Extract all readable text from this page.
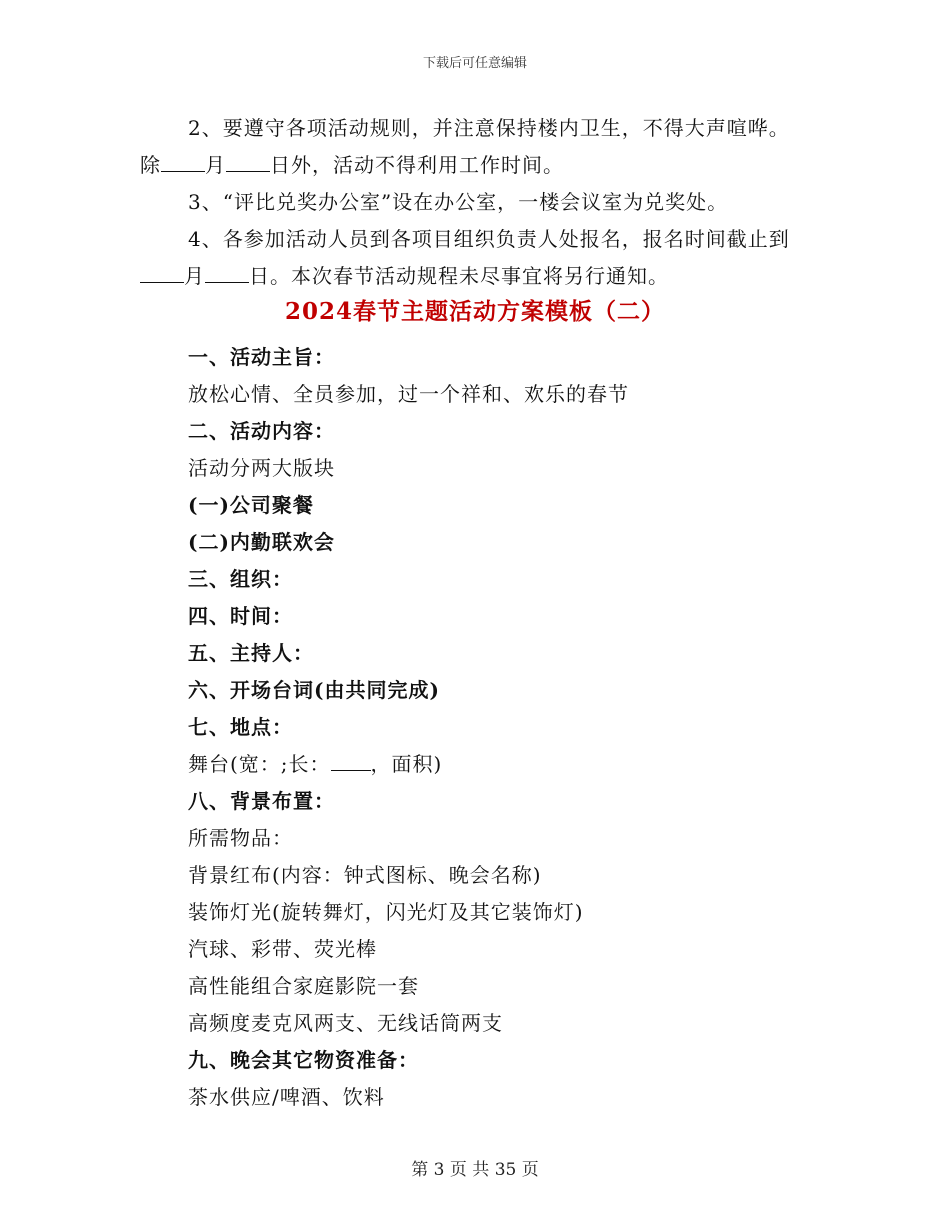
下载后可任意编辑
2、要遵守各项活动规则，并注意保持楼内卫生，不得大声喧哗。
除 月 日外，活动不得利用工作时间。
3、“评比兑奖办公室”设在办公室，一楼会议室为兑奖处。
4、各参加活动人员到各项目组织负责人处报名，报名时间截止到
月 日。本次春节活动规程未尽事宜将另行通知。
2024春节主题活动方案模板（二）
一、活动主旨：
放松心情、全员参加，过一个祥和、欢乐的春节
二、活动内容：
活动分两大版块
(一)公司聚餐
(二)内勤联欢会
三、组织：
四、时间：
五、主持人：
六、开场台词(由共同完成)
七、地点：
舞台(宽：;长： ，面积)
八、背景布置：
所需物品：
背景红布(内容：钟式图标、晚会名称)
装饰灯光(旋转舞灯，闪光灯及其它装饰灯)
汽球、彩带、荧光棒
高性能组合家庭影院一套
高频度麦克风两支、无线话筒两支
九、晚会其它物资准备：
茶水供应/啤酒、饮料
第 3 页 共 35 页
